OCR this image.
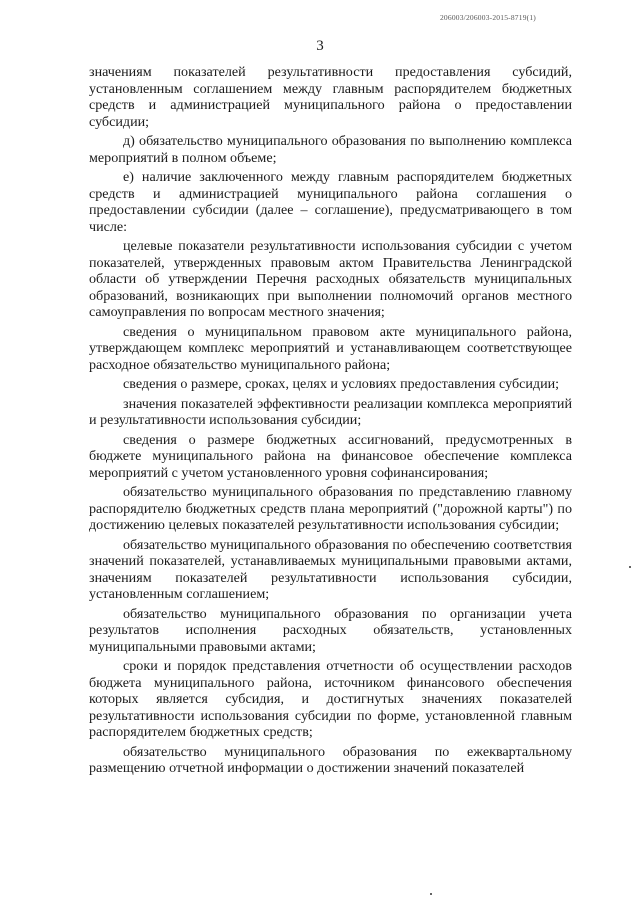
206003/206003-2015-8719(1)
3

значениям показателей результативности предоставления субсидий, установленным соглашением между главным распорядителем бюджетных средств и администрацией муниципального района о предоставлении субсидии;

д) обязательство муниципального образования по выполнению комплекса мероприятий в полном объеме;

е) наличие заключенного между главным распорядителем бюджетных средств и администрацией муниципального района соглашения о предоставлении субсидии (далее – соглашение), предусматривающего в том числе:

целевые показатели результативности использования субсидии с учетом показателей, утвержденных правовым актом Правительства Ленинградской области об утверждении Перечня расходных обязательств муниципальных образований, возникающих при выполнении полномочий органов местного самоуправления по вопросам местного значения;

сведения о муниципальном правовом акте муниципального района, утверждающем комплекс мероприятий и устанавливающем соответствующее расходное обязательство муниципального района;

сведения о размере, сроках, целях и условиях предоставления субсидии;

значения показателей эффективности реализации комплекса мероприятий и результативности использования субсидии;

сведения о размере бюджетных ассигнований, предусмотренных в бюджете муниципального района на финансовое обеспечение комплекса мероприятий с учетом установленного уровня софинансирования;

обязательство муниципального образования по представлению главному распорядителю бюджетных средств плана мероприятий ("дорожной карты") по достижению целевых показателей результативности использования субсидии;

обязательство муниципального образования по обеспечению соответствия значений показателей, устанавливаемых муниципальными правовыми актами, значениям показателей результативности использования субсидии, установленным соглашением;

обязательство муниципального образования по организации учета результатов исполнения расходных обязательств, установленных муниципальными правовыми актами;

сроки и порядок представления отчетности об осуществлении расходов бюджета муниципального района, источником финансового обеспечения которых является субсидия, и достигнутых значениях показателей результативности использования субсидии по форме, установленной главным распорядителем бюджетных средств;

обязательство муниципального образования по ежеквартальному размещению отчетной информации о достижении значений показателей
